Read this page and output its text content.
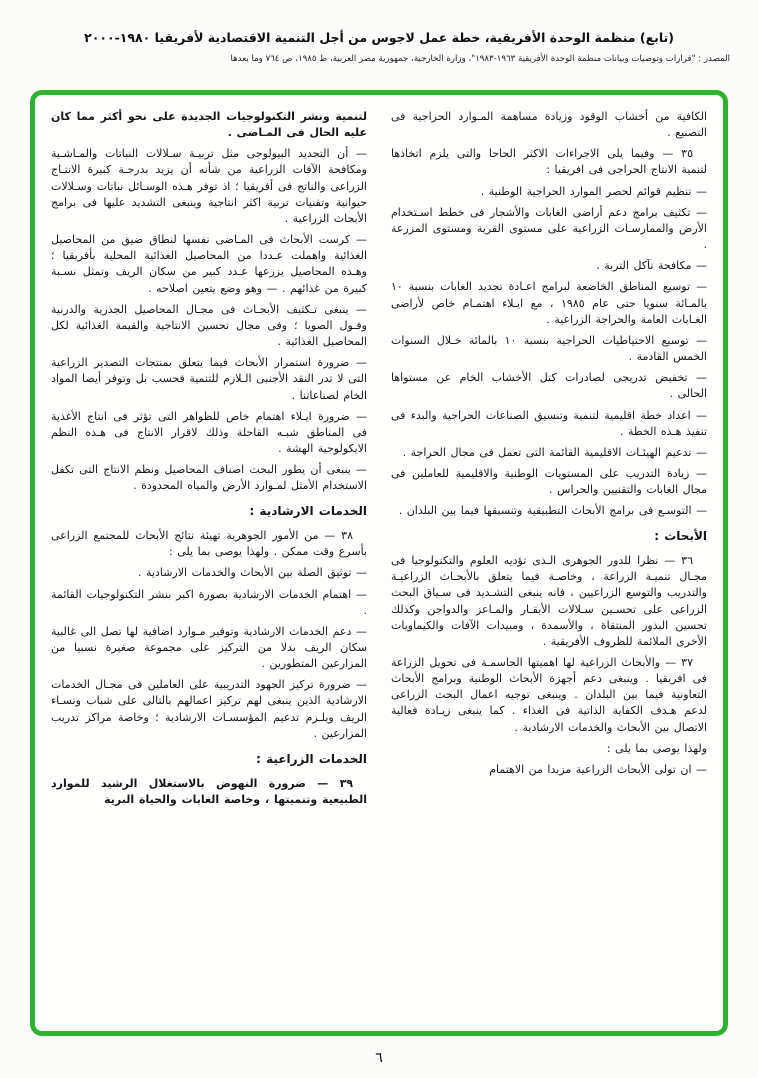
(تابع) منظمة الوحدة الأفريقية، خطة عمل لاجوس من أجل التنمية الاقتصادية لأفريقيا ١٩٨٠-٢٠٠٠
المصدر : "قرارات وتوصيات وبيانات منظمة الوحدة الأفريقية ١٩٦٣-١٩٨٣"، وزارة الخارجية، جمهورية مصر العربية، ط ١٩٨٥، ص ٧٦٤ وما بعدها

الكافية من أخشاب الوقود وزيادة مساهمة المـوارد الحراجية فى التصنيع .

٣٥ — وفيما يلى الاجراءات الاكثر الحاحا والتى يلزم اتخاذها لتنمية الانتاج الحراجى فى افريقيا :

— تنظيم قوائم لحصر الموارد الحراجية الوطنية .

— تكثيف برامج دعم أراضى الغابات والأشجار فى خطط اسـتخدام الأرض والممارسـات الزراعية على مستوى القرية ومستوى المزرعة .

— مكافحة تآكل التربة .

— توسيع المناطق الخاضعة لبرامج اعـادة تجديد الغابات بنسبة ١٠ بالمـائة سنويا حتى عام ١٩٨٥ ، مع ايـلاء اهتمـام خاص لأراضى الغـابات العامة والحراجة الزراعية .

— توسيع الاحتياطيات الحراجية بنسبة ١٠ بالمائة خـلال السنوات الخمس القادمة .

— تخفيض تدريجى لصادرات كتل الأخشاب الخام عن مستواها الحالى .

— اعداد خطة اقليمية لتنمية وتنسيق الصناعات الحراجية والبدء فى تنفيذ هـذه الخطة .

— تدعيم الهيئـات الاقليمية القائمة التى تعمل فى مجال الحراجة .

— زيادة التدريب على المستويات الوطنية والاقليمية للعاملين فى مجال الغابات والتقنيين والحراس .

— التوسـع فى برامج الأبحاث التطبيقية وتنسيقها فيما بين البلدان .

الأبحاث :

٣٦ — نظرا للدور الجوهرى الـذى تؤديه العلوم والتكنولوجيا فى مجـال تنميـة الزراعة ، وخاصـة فيما يتعلق بالأبحـاث الزراعيـة والتدريب والتوسع الزراعيين ، فانه ينبغى التشـديد فى سـياق البحث الزراعى على تحسـين سـلالات الأبقـار والمـاعز والدواجن وكذلك تحسين البذور المنتقاة ، والأسمدة ، ومبيدات الآفات والكيماويات الأخرى الملائمة للظروف الأفريقية .

٣٧ — والأبحاث الزراعية لها اهميتها الحاسمـة فى تحويل الزراعة فى افريقيا . وينبغى دعم أجهزة الأبحاث الوطنية وبرامج الأبحاث التعاونية فيما بين البلدان . وينبغى توجيه اعمال البحث الزراعى لدعم هـدف الكفاية الذاتية فى الغذاء . كما ينبغى زيـادة فعالية الاتصال بين الأبحاث والخدمات الارشادية .

ولهذا يوصى بما يلى :

— ان تولى الأبحاث الزراعية مزيدا من الاهتمام

لتنمية ونشر التكنولوجيات الجديدة على نحو أكثر مما كان عليه الحال فى المـاضى .

— أن التجديد البيولوجى مثل تربيـة سـلالات النباتات والمـاشـية ومكافحة الآفات الزراعية من شأنه أن يزيد بدرجـة كبيرة الانتـاج الزراعى والناتج فى أفريقيا ؛ اذ توفر هـذه الوسـائل نباتات وسـلالات حيوانية وتقنيات تربية اكثر انتاجية وينبغى التشديد عليها فى برامج الأبحاث الزراعية .

— كرست الأبحاث فى المـاضى نفسها لنطاق ضيق من المحاصيل الغذائية واهملت عـددا من المحاصيل الغذائية المحلية بأفريقيا ؛ وهـذه المحاصيل يزرعها عـدد كبير من سكان الريف وتمثل نسـبة كبيرة من غذائهم . — وهو وضع يتعين اصلاحه .

— ينبغى تـكثيف الأبحـاث فى مجـال المحاصيل الجذرية والدرنية وفـول الصويا ؛ وفى مجال تحسين الانتاجية والقيمة الغذائية لكل المحاصيل الغذائية .

— ضرورة استمرار الأبحاث فيما يتعلق بمنتجات التصدير الزراعية التى لا تدر النقد الأجنبى الـلازم للتنمية فحسب بل وتوفر أيضا المواد الخام لصناعاتنا .

— ضرورة ايـلاء اهتمام خاص للظواهر التى تؤثر فى انتاج الأغذية فى المناطق شبـه القاحلة وذلك لاقرار الانتاج فى هـذه النظم الايكولوجية الهشة .

— ينبغى أن يطور البحث اصناف المحاصيل ونظم الانتاج التى تكفل الاستخدام الأمثل لمـوارد الأرض والمياه المحدودة .

الخدمات الارشادية :

٣٨ — من الأمور الجوهرية تهيئة نتائج الأبحاث للمجتمع الزراعى بأسرع وقت ممكن . ولهذا يوصى بما يلى :

— توثيق الصلة بين الأبحاث والخدمات الارشادية .

— اهتمام الخدمات الارشادية بصورة اكبر بنشر التكنولوجيات القائمة .

— دعم الخدمات الارشادية وتوفير مـوارد اضافية لها تصل الى غالبية سكان الريف بدلا من التركيز على مجموعة صغيرة نسبيا من المزارعين المتطورين .

— ضرورة تركيز الجهود التدريبية على العاملين فى مجـال الخدمات الارشادية الذين ينبغى لهم تركيز اعمالهم بالتالى على شباب ونسـاء الريف ويلـزم تدعيم المؤسسـات الارشادية ؛ وخاصة مراكز تدريب المزارعين .

الخدمات الزراعية :

٣٩ — ضرورة النهوض بالاستغلال الرشيد للموارد الطبيعية وتنميتها ، وخاصة الغابات والحياة البرية

٦
